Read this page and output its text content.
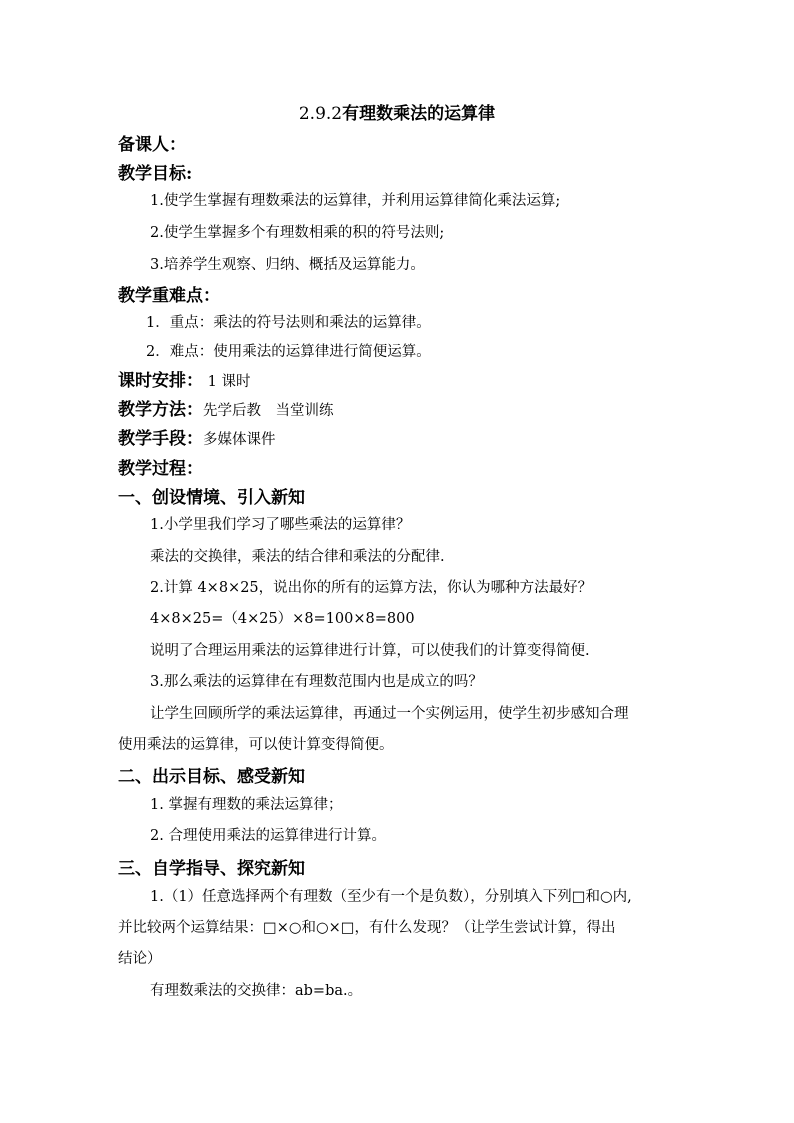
2.9.2有理数乘法的运算律
备课人：
教学目标:
1.使学生掌握有理数乘法的运算律，并利用运算律简化乘法运算;
2.使学生掌握多个有理数相乘的积的符号法则;
3.培养学生观察、归纳、概括及运算能力。
教学重难点：
1．重点：乘法的符号法则和乘法的运算律。
2．难点：使用乘法的运算律进行简便运算。
课时安排： 1 课时
教学方法：先学后教　当堂训练
教学手段：多媒体课件
教学过程：
一、创设情境、引入新知
1.小学里我们学习了哪些乘法的运算律？
乘法的交换律，乘法的结合律和乘法的分配律.
2.计算 4×8×25，说出你的所有的运算方法，你认为哪种方法最好？
4×8×25=（4×25）×8=100×8=800
说明了合理运用乘法的运算律进行计算，可以使我们的计算变得简便.
3.那么乘法的运算律在有理数范围内也是成立的吗？
让学生回顾所学的乘法运算律，再通过一个实例运用，使学生初步感知合理
使用乘法的运算律，可以使计算变得简便。
二、出示目标、感受新知
1. 掌握有理数的乘法运算律；
2. 合理使用乘法的运算律进行计算。
三、自学指导、探究新知
1.（1）任意选择两个有理数（至少有一个是负数），分别填入下列□和○内,
并比较两个运算结果：□×○和○×□，有什么发现？（让学生尝试计算，得出
结论）
有理数乘法的交换律：ab=ba.。
